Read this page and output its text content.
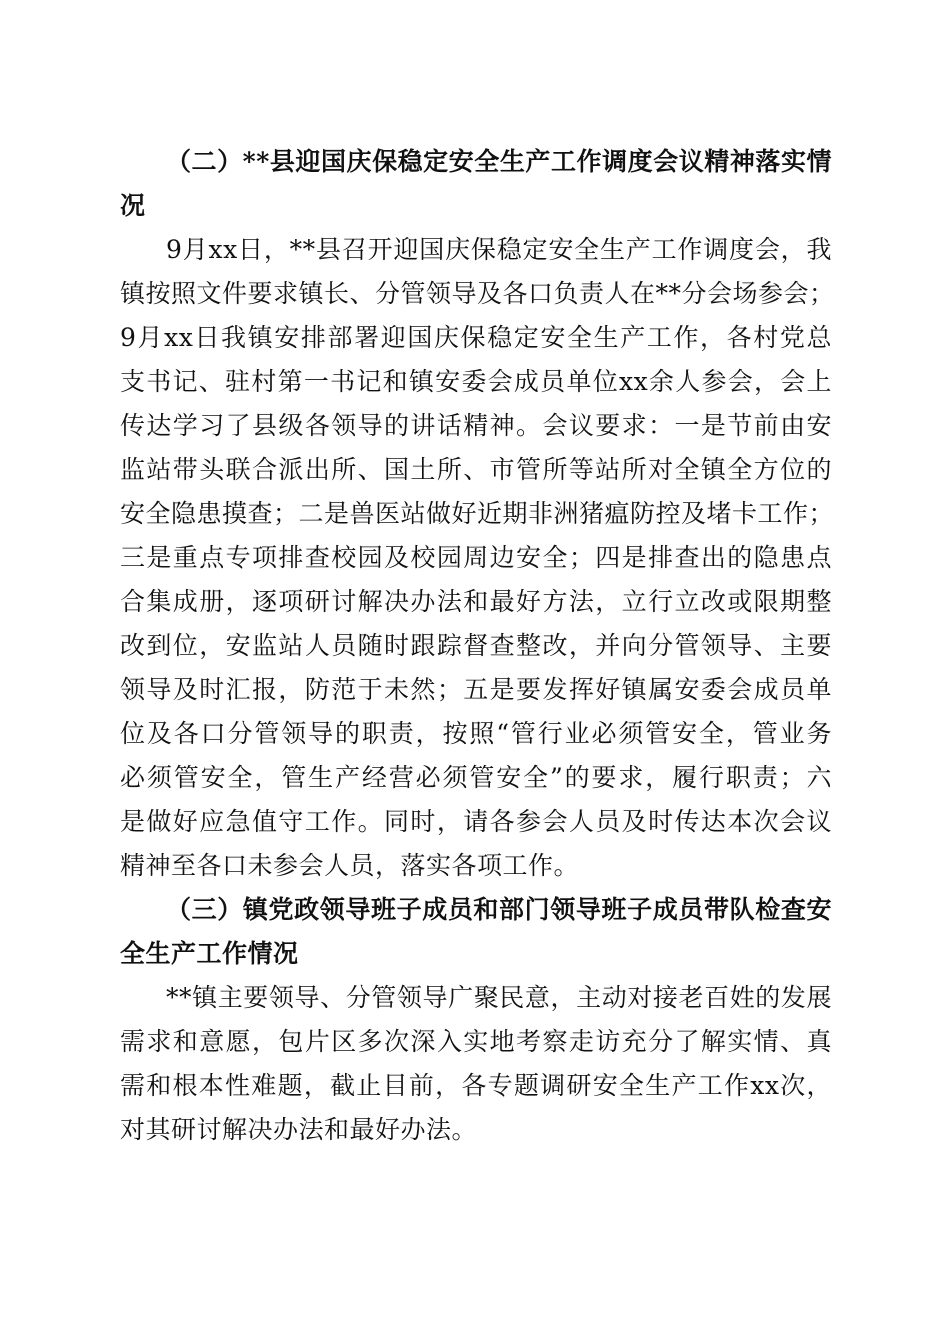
（二）**县迎国庆保稳定安全生产工作调度会议精神落实情
况
9月xx日，**县召开迎国庆保稳定安全生产工作调度会，我
镇按照文件要求镇长、分管领导及各口负责人在**分会场参会；
9月xx日我镇安排部署迎国庆保稳定安全生产工作，各村党总
支书记、驻村第一书记和镇安委会成员单位xx余人参会，会上
传达学习了县级各领导的讲话精神。会议要求：一是节前由安
监站带头联合派出所、国土所、市管所等站所对全镇全方位的
安全隐患摸查；二是兽医站做好近期非洲猪瘟防控及堵卡工作；
三是重点专项排查校园及校园周边安全；四是排查出的隐患点
合集成册，逐项研讨解决办法和最好方法，立行立改或限期整
改到位，安监站人员随时跟踪督查整改，并向分管领导、主要
领导及时汇报，防范于未然；五是要发挥好镇属安委会成员单
位及各口分管领导的职责，按照“管行业必须管安全，管业务
必须管安全，管生产经营必须管安全”的要求，履行职责；六
是做好应急值守工作。同时，请各参会人员及时传达本次会议
精神至各口未参会人员，落实各项工作。
（三）镇党政领导班子成员和部门领导班子成员带队检查安
全生产工作情况
**镇主要领导、分管领导广聚民意，主动对接老百姓的发展
需求和意愿，包片区多次深入实地考察走访充分了解实情、真
需和根本性难题，截止目前，各专题调研安全生产工作xx次，
对其研讨解决办法和最好办法。
